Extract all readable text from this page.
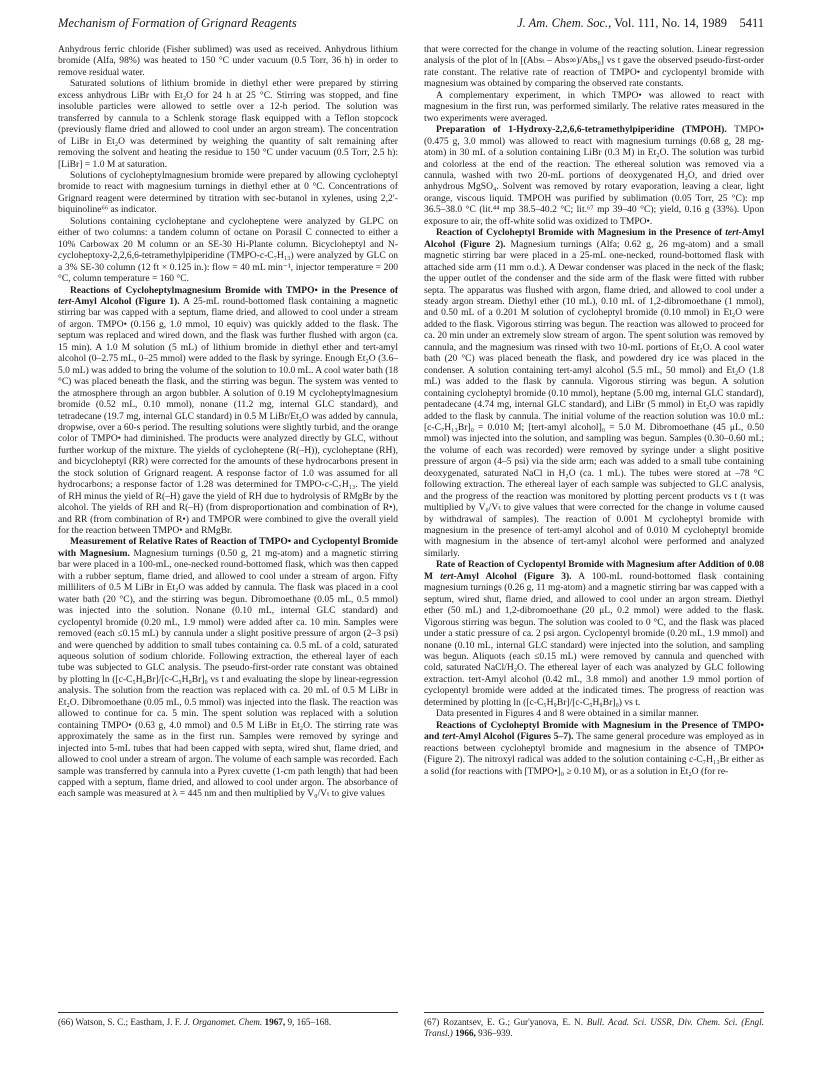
Mechanism of Formation of Grignard Reagents	J. Am. Chem. Soc., Vol. 111, No. 14, 1989 5411

Anhydrous ferric chloride (Fisher sublimed) was used as received. Anhydrous lithium bromide (Alfa, 98%) was heated to 150 °C under vacuum (0.5 Torr, 36 h) in order to remove residual water.

Saturated solutions of lithium bromide in diethyl ether were prepared by stirring excess anhydrous LiBr with Et₂O for 24 h at 25 °C. Stirring was stopped, and fine insoluble particles were allowed to settle over a 12-h period. The solution was transferred by cannula to a Schlenk storage flask equipped with a Teflon stopcock (previously flame dried and allowed to cool under an argon stream). The concentration of LiBr in Et₂O was determined by weighing the quantity of salt remaining after removing the solvent and heating the residue to 150 °C under vacuum (0.5 Torr, 2.5 h): [LiBr] = 1.0 M at saturation.

Solutions of cycloheptylmagnesium bromide were prepared by allowing cycloheptyl bromide to react with magnesium turnings in diethyl ether at 0 °C. Concentrations of Grignard reagent were determined by titration with sec-butanol in xylenes, using 2,2′-biquinoline⁶⁶ as indicator.

Solutions containing cycloheptane and cycloheptene were analyzed by GLPC on either of two columns: a tandem column of octane on Porasil C connected to either a 10% Carbowax 20 M column or an SE-30 Hi-Plante column. Bicycloheptyl and N-cycloheptoxy-2,2,6,6-tetramethylpiperidine (TMPO-c-C₇H₁₃) were analyzed by GLC on a 3% SE-30 column (12 ft × 0.125 in.): flow = 40 mL min⁻¹, injector temperature = 200 °C, column temperature = 160 °C.

Reactions of Cycloheptylmagnesium Bromide with TMPO• in the Presence of tert-Amyl Alcohol (Figure 1). A 25-mL round-bottomed flask containing a magnetic stirring bar was capped with a septum, flame dried, and allowed to cool under a stream of argon. TMPO• (0.156 g, 1.0 mmol, 10 equiv) was quickly added to the flask. The septum was replaced and wired down, and the flask was further flushed with argon (ca. 15 min). A 1.0 M solution (5 mL) of lithium bromide in diethyl ether and tert-amyl alcohol (0–2.75 mL, 0–25 mmol) were added to the flask by syringe. Enough Et₂O (3.6–5.0 mL) was added to bring the volume of the solution to 10.0 mL. A cool water bath (18 °C) was placed beneath the flask, and the stirring was begun. The system was vented to the atmosphere through an argon bubbler. A solution of 0.19 M cycloheptylmagnesium bromide (0.52 mL, 0.10 mmol), nonane (11.2 mg, internal GLC standard), and tetradecane (19.7 mg, internal GLC standard) in 0.5 M LiBr/Et₂O was added by cannula, dropwise, over a 60-s period. The resulting solutions were slightly turbid, and the orange color of TMPO• had diminished. The products were analyzed directly by GLC, without further workup of the mixture. The yields of cycloheptene (R(–H)), cycloheptane (RH), and bicycloheptyl (RR) were corrected for the amounts of these hydrocarbons present in the stock solution of Grignard reagent. A response factor of 1.0 was assumed for all hydrocarbons; a response factor of 1.28 was determined for TMPO-c-C₇H₁₃. The yield of RH minus the yield of R(–H) gave the yield of RH due to hydrolysis of RMgBr by the alcohol. The yields of RH and R(–H) (from disproportionation and combination of R•), and RR (from combination of R•) and TMPOR were combined to give the overall yield for the reaction between TMPO• and RMgBr.

Measurement of Relative Rates of Reaction of TMPO• and Cyclopentyl Bromide with Magnesium. Magnesium turnings (0.50 g, 21 mg-atom) and a magnetic stirring bar were placed in a 100-mL, one-necked round-bottomed flask, which was then capped with a rubber septum, flame dried, and allowed to cool under a stream of argon. Fifty milliliters of 0.5 M LiBr in Et₂O was added by cannula. The flask was placed in a cool water bath (20 °C), and the stirring was begun. Dibromoethane (0.05 mL, 0.5 mmol) was injected into the solution. Nonane (0.10 mL, internal GLC standard) and cyclopentyl bromide (0.20 mL, 1.9 mmol) were added after ca. 10 min. Samples were removed (each ≤0.15 mL) by cannula under a slight positive pressure of argon (2–3 psi) and were quenched by addition to small tubes containing ca. 0.5 mL of a cold, saturated aqueous solution of sodium chloride. Following extraction, the ethereal layer of each tube was subjected to GLC analysis. The pseudo-first-order rate constant was obtained by plotting ln ([c-C₅H₉Br]/[c-C₅H₉Br]₀ vs t and evaluating the slope by linear-regression analysis. The solution from the reaction was replaced with ca. 20 mL of 0.5 M LiBr in Et₂O. Dibromoethane (0.05 mL, 0.5 mmol) was injected into the flask. The reaction was allowed to continue for ca. 5 min. The spent solution was replaced with a solution containing TMPO• (0.63 g, 4.0 mmol) and 0.5 M LiBr in Et₂O. The stirring rate was approximately the same as in the first run. Samples were removed by syringe and injected into 5-mL tubes that had been capped with septa, wired shut, flame dried, and allowed to cool under a stream of argon. The volume of each sample was recorded. Each sample was transferred by cannula into a Pyrex cuvette (1-cm path length) that had been capped with a septum, flame dried, and allowed to cool under argon. The absorbance of each sample was measured at λ = 445 nm and then multiplied by V₀/Vₜ to give values

that were corrected for the change in volume of the reacting solution. Linear regression analysis of the plot of ln [(Absₜ – Abs∞)/Abs₀] vs t gave the observed pseudo-first-order rate constant. The relative rate of reaction of TMPO• and cyclopentyl bromide with magnesium was obtained by comparing the observed rate constants.

A complementary experiment, in which TMPO• was allowed to react with magnesium in the first run, was performed similarly. The relative rates measured in the two experiments were averaged.

Preparation of 1-Hydroxy-2,2,6,6-tetramethylpiperidine (TMPOH). TMPO• (0.475 g, 3.0 mmol) was allowed to react with magnesium turnings (0.68 g, 28 mg-atom) in 30 mL of a solution containing LiBr (0.3 M) in Et₂O. The solution was turbid and colorless at the end of the reaction. The ethereal solution was removed via a cannula, washed with two 20-mL portions of deoxygenated H₂O, and dried over anhydrous MgSO₄. Solvent was removed by rotary evaporation, leaving a clear, light orange, viscous liquid. TMPOH was purified by sublimation (0.05 Torr, 25 °C): mp 36.5–38.0 °C (lit.⁴⁴ mp 38.5–40.2 °C; lit.⁶⁷ mp 39–40 °C); yield, 0.16 g (33%). Upon exposure to air, the off-white solid was oxidized to TMPO•.

Reaction of Cycloheptyl Bromide with Magnesium in the Presence of tert-Amyl Alcohol (Figure 2). Magnesium turnings (Alfa; 0.62 g, 26 mg-atom) and a small magnetic stirring bar were placed in a 25-mL one-necked, round-bottomed flask with attached side arm (11 mm o.d.). A Dewar condenser was placed in the neck of the flask; the upper outlet of the condenser and the side arm of the flask were fitted with rubber septa. The apparatus was flushed with argon, flame dried, and allowed to cool under a steady argon stream. Diethyl ether (10 mL), 0.10 mL of 1,2-dibromoethane (1 mmol), and 0.50 mL of a 0.201 M solution of cycloheptyl bromide (0.10 mmol) in Et₂O were added to the flask. Vigorous stirring was begun. The reaction was allowed to proceed for ca. 20 min under an extremely slow stream of argon. The spent solution was removed by cannula, and the magnesium was rinsed with two 10-mL portions of Et₂O. A cool water bath (20 °C) was placed beneath the flask, and powdered dry ice was placed in the condenser. A solution containing tert-amyl alcohol (5.5 mL, 50 mmol) and Et₂O (1.8 mL) was added to the flask by cannula. Vigorous stirring was begun. A solution containing cycloheptyl bromide (0.10 mmol), heptane (5.00 mg, internal GLC standard), pentadecane (4.74 mg, internal GLC standard), and LiBr (5 mmol) in Et₂O was rapidly added to the flask by cannula. The initial volume of the reaction solution was 10.0 mL: [c-C₇H₁₃Br]₀ = 0.010 M; [tert-amyl alcohol]₀ = 5.0 M. Dibromoethane (45 μL, 0.50 mmol) was injected into the solution, and sampling was begun. Samples (0.30–0.60 mL; the volume of each was recorded) were removed by syringe under a slight positive pressure of argon (4–5 psi) via the side arm; each was added to a small tube containing deoxygenated, saturated NaCl in H₂O (ca. 1 mL). The tubes were stored at –78 °C following extraction. The ethereal layer of each sample was subjected to GLC analysis, and the progress of the reaction was monitored by plotting percent products vs t (t was multiplied by V₀/Vₜ to give values that were corrected for the change in volume caused by withdrawal of samples). The reaction of 0.001 M cycloheptyl bromide with magnesium in the presence of tert-amyl alcohol and of 0.010 M cycloheptyl bromide with magnesium in the absence of tert-amyl alcohol were performed and analyzed similarly.

Rate of Reaction of Cyclopentyl Bromide with Magnesium after Addition of 0.08 M tert-Amyl Alcohol (Figure 3). A 100-mL round-bottomed flask containing magnesium turnings (0.26 g, 11 mg-atom) and a magnetic stirring bar was capped with a septum, wired shut, flame dried, and allowed to cool under an argon stream. Diethyl ether (50 mL) and 1,2-dibromoethane (20 μL, 0.2 mmol) were added to the flask. Vigorous stirring was begun. The solution was cooled to 0 °C, and the flask was placed under a static pressure of ca. 2 psi argon. Cyclopentyl bromide (0.20 mL, 1.9 mmol) and nonane (0.10 mL, internal GLC standard) were injected into the solution, and sampling was begun. Aliquots (each ≤0.15 mL) were removed by cannula and quenched with cold, saturated NaCl/H₂O. The ethereal layer of each was analyzed by GLC following extraction. tert-Amyl alcohol (0.42 mL, 3.8 mmol) and another 1.9 mmol portion of cyclopentyl bromide were added at the indicated times. The progress of reaction was determined by plotting ln ([c-C₅H₉Br]/[c-C₅H₉Br]₀) vs t.

Data presented in Figures 4 and 8 were obtained in a similar manner.

Reactions of Cycloheptyl Bromide with Magnesium in the Presence of TMPO• and tert-Amyl Alcohol (Figures 5–7). The same general procedure was employed as in reactions between cycloheptyl bromide and magnesium in the absence of TMPO• (Figure 2). The nitroxyl radical was added to the solution containing c-C₇H₁₃Br either as a solid (for reactions with [TMPO•]₀ ≥ 0.10 M), or as a solution in Et₂O (for re-

(66) Watson, S. C.; Eastham, J. F. J. Organomet. Chem. 1967, 9, 165–168.	(67) Rozantsev, E. G.; Gur'yanova, E. N. Bull. Acad. Sci. USSR, Div. Chem. Sci. (Engl. Transl.) 1966, 936–939.
